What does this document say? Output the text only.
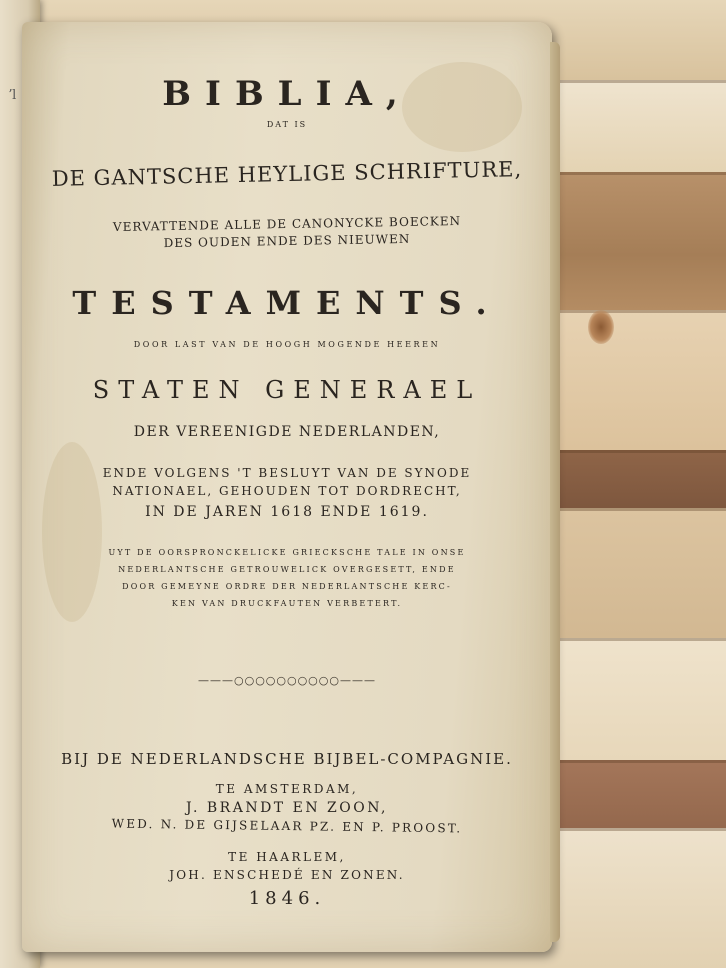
ʼl	BIBLIA,
DAT IS
DE GANTSCHE HEYLIGE SCHRIFTURE,
VERVATTENDE ALLE DE CANONYCKE BOECKEN
DES OUDEN ENDE DES NIEUWEN
TESTAMENTS.
DOOR LAST VAN DE HOOGH MOGENDE HEEREN
STATEN GENERAEL
DER VEREENIGDE NEDERLANDEN,
ENDE VOLGENS 'T BESLUYT VAN DE SYNODE
NATIONAEL, GEHOUDEN TOT DORDRECHT,
IN DE JAREN 1618 ENDE 1619.
UYT DE OORSPRONCKELICKE GRIECKSCHE TALE IN ONSE
NEDERLANTSCHE GETROUWELICK OVERGESETT, ENDE
DOOR GEMEYNE ORDRE DER NEDERLANTSCHE KERC-
KEN VAN DRUCKFAUTEN VERBETERT.
———○○○○○○○○○○———
BIJ DE NEDERLANDSCHE BIJBEL-COMPAGNIE.
TE AMSTERDAM,
J. BRANDT EN ZOON,
WED. N. DE GIJSELAAR PZ. EN P. PROOST.
TE HAARLEM,
JOH. ENSCHEDÉ EN ZONEN.
1846.
